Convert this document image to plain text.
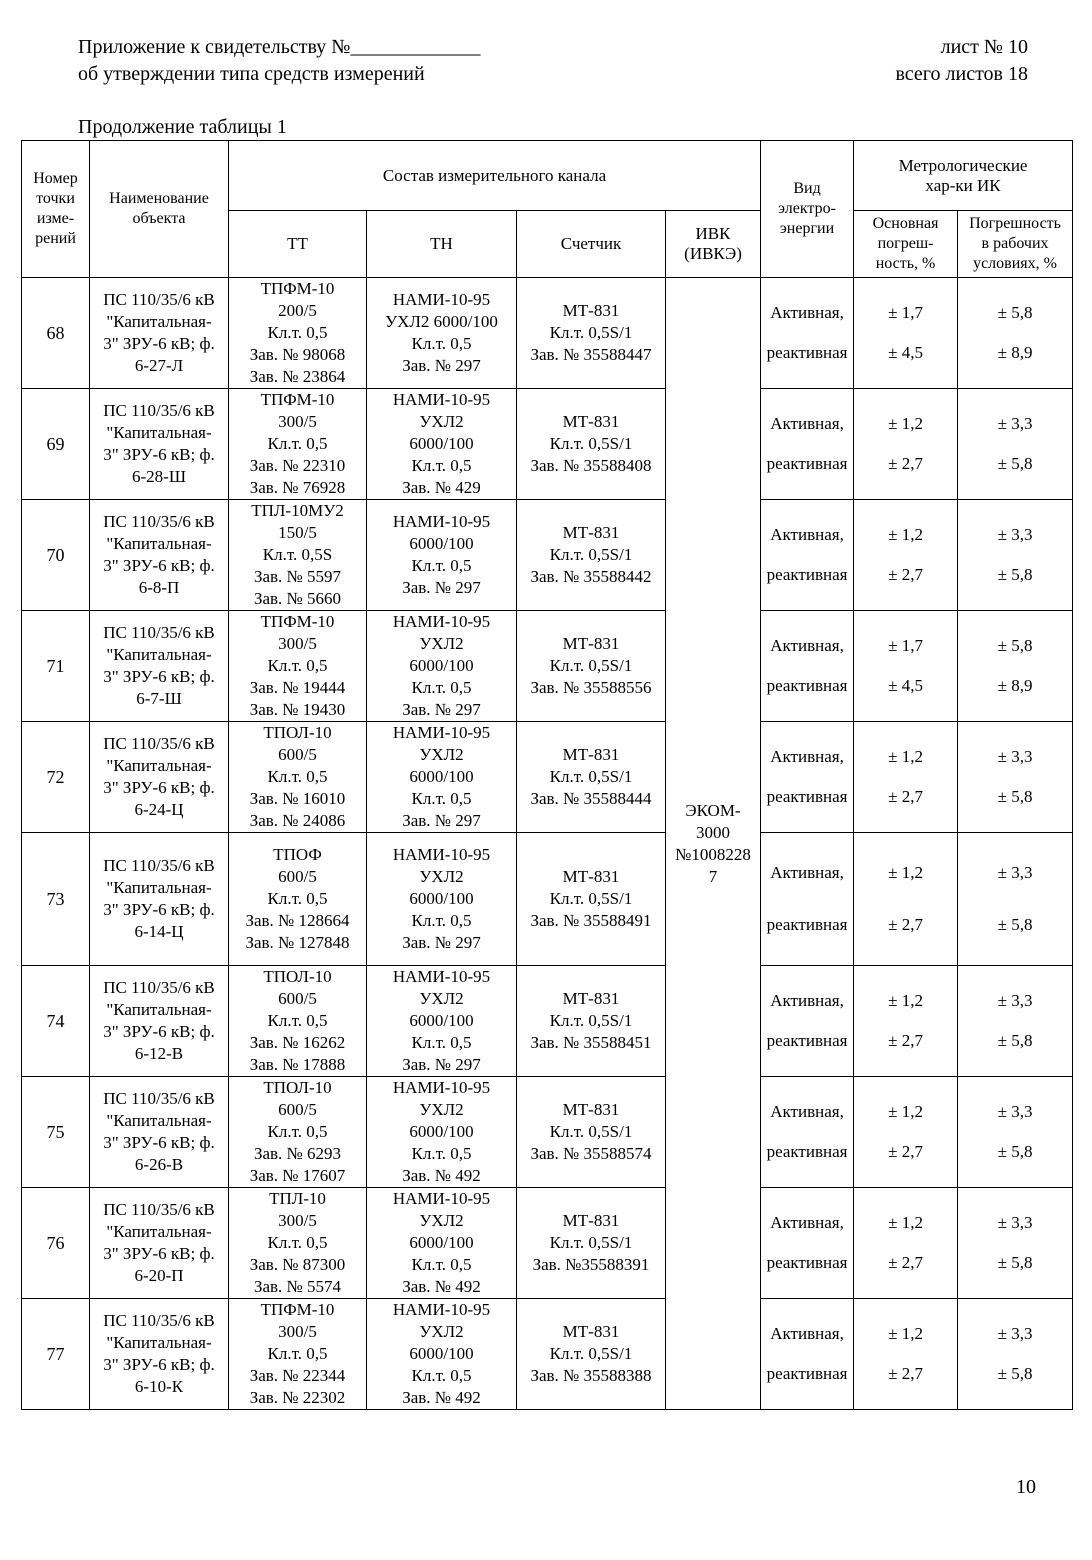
Приложение к свидетельству №_____________	лист № 10
об утверждении типа средств измерений	всего листов 18
Продолжение таблицы 1
Номер
точки
изме-
рений	Наименование
объекта	Состав измерительного канала				Вид
электро-
энергии	Метрологические
хар-ки ИК	

		ТТ	ТН	Счетчик	ИВК
(ИВКЭ)		Основная
погреш-
ность, %	Погрешность
в рабочих
условиях, %

68	ПС 110/35/6 кВ
"Капитальная-
3" ЗРУ-6 кВ; ф.
6-27-Л	ТПФМ-10
200/5
Кл.т. 0,5
Зав. № 98068
Зав. № 23864	НАМИ-10-95
УХЛ2 6000/100
Кл.т. 0,5
Зав. № 297	МТ-831
Кл.т. 0,5S/1
Зав. № 35588447	ЭКОМ-
3000
№1008228
7	Активная,
реактивная	± 1,7
± 4,5	± 5,8
± 8,9

69	ПС 110/35/6 кВ
"Капитальная-
3" ЗРУ-6 кВ; ф.
6-28-Ш	ТПФМ-10
300/5
Кл.т. 0,5
Зав. № 22310
Зав. № 76928	НАМИ-10-95
УХЛ2
6000/100
Кл.т. 0,5
Зав. № 429	МТ-831
Кл.т. 0,5S/1
Зав. № 35588408		Активная,
реактивная	± 1,2
± 2,7	± 3,3
± 5,8

70	ПС 110/35/6 кВ
"Капитальная-
3" ЗРУ-6 кВ; ф.
6-8-П	ТПЛ-10МУ2
150/5
Кл.т. 0,5S
Зав. № 5597
Зав. № 5660	НАМИ-10-95
6000/100
Кл.т. 0,5
Зав. № 297	МТ-831
Кл.т. 0,5S/1
Зав. № 35588442		Активная,
реактивная	± 1,2
± 2,7	± 3,3
± 5,8

71	ПС 110/35/6 кВ
"Капитальная-
3" ЗРУ-6 кВ; ф.
6-7-Ш	ТПФМ-10
300/5
Кл.т. 0,5
Зав. № 19444
Зав. № 19430	НАМИ-10-95
УХЛ2
6000/100
Кл.т. 0,5
Зав. № 297	МТ-831
Кл.т. 0,5S/1
Зав. № 35588556		Активная,
реактивная	± 1,7
± 4,5	± 5,8
± 8,9

72	ПС 110/35/6 кВ
"Капитальная-
3" ЗРУ-6 кВ; ф.
6-24-Ц	ТПОЛ-10
600/5
Кл.т. 0,5
Зав. № 16010
Зав. № 24086	НАМИ-10-95
УХЛ2
6000/100
Кл.т. 0,5
Зав. № 297	МТ-831
Кл.т. 0,5S/1
Зав. № 35588444		Активная,
реактивная	± 1,2
± 2,7	± 3,3
± 5,8

73	ПС 110/35/6 кВ
"Капитальная-
3" ЗРУ-6 кВ; ф.
6-14-Ц	ТПОФ
600/5
Кл.т. 0,5
Зав. № 128664
Зав. № 127848	НАМИ-10-95
УХЛ2
6000/100
Кл.т. 0,5
Зав. № 297	МТ-831
Кл.т. 0,5S/1
Зав. № 35588491		Активная,
реактивная	± 1,2
± 2,7	± 3,3
± 5,8

74	ПС 110/35/6 кВ
"Капитальная-
3" ЗРУ-6 кВ; ф.
6-12-В	ТПОЛ-10
600/5
Кл.т. 0,5
Зав. № 16262
Зав. № 17888	НАМИ-10-95
УХЛ2
6000/100
Кл.т. 0,5
Зав. № 297	МТ-831
Кл.т. 0,5S/1
Зав. № 35588451		Активная,
реактивная	± 1,2
± 2,7	± 3,3
± 5,8

75	ПС 110/35/6 кВ
"Капитальная-
3" ЗРУ-6 кВ; ф.
6-26-В	ТПОЛ-10
600/5
Кл.т. 0,5
Зав. № 6293
Зав. № 17607	НАМИ-10-95
УХЛ2
6000/100
Кл.т. 0,5
Зав. № 492	МТ-831
Кл.т. 0,5S/1
Зав. № 35588574		Активная,
реактивная	± 1,2
± 2,7	± 3,3
± 5,8

76	ПС 110/35/6 кВ
"Капитальная-
3" ЗРУ-6 кВ; ф.
6-20-П	ТПЛ-10
300/5
Кл.т. 0,5
Зав. № 87300
Зав. № 5574	НАМИ-10-95
УХЛ2
6000/100
Кл.т. 0,5
Зав. № 492	МТ-831
Кл.т. 0,5S/1
Зав. №35588391		Активная,
реактивная	± 1,2
± 2,7	± 3,3
± 5,8

77	ПС 110/35/6 кВ
"Капитальная-
3" ЗРУ-6 кВ; ф.
6-10-К	ТПФМ-10
300/5
Кл.т. 0,5
Зав. № 22344
Зав. № 22302	НАМИ-10-95
УХЛ2
6000/100
Кл.т. 0,5
Зав. № 492	МТ-831
Кл.т. 0,5S/1
Зав. № 35588388		Активная,
реактивная	± 1,2
± 2,7	± 3,3
± 5,8
10
